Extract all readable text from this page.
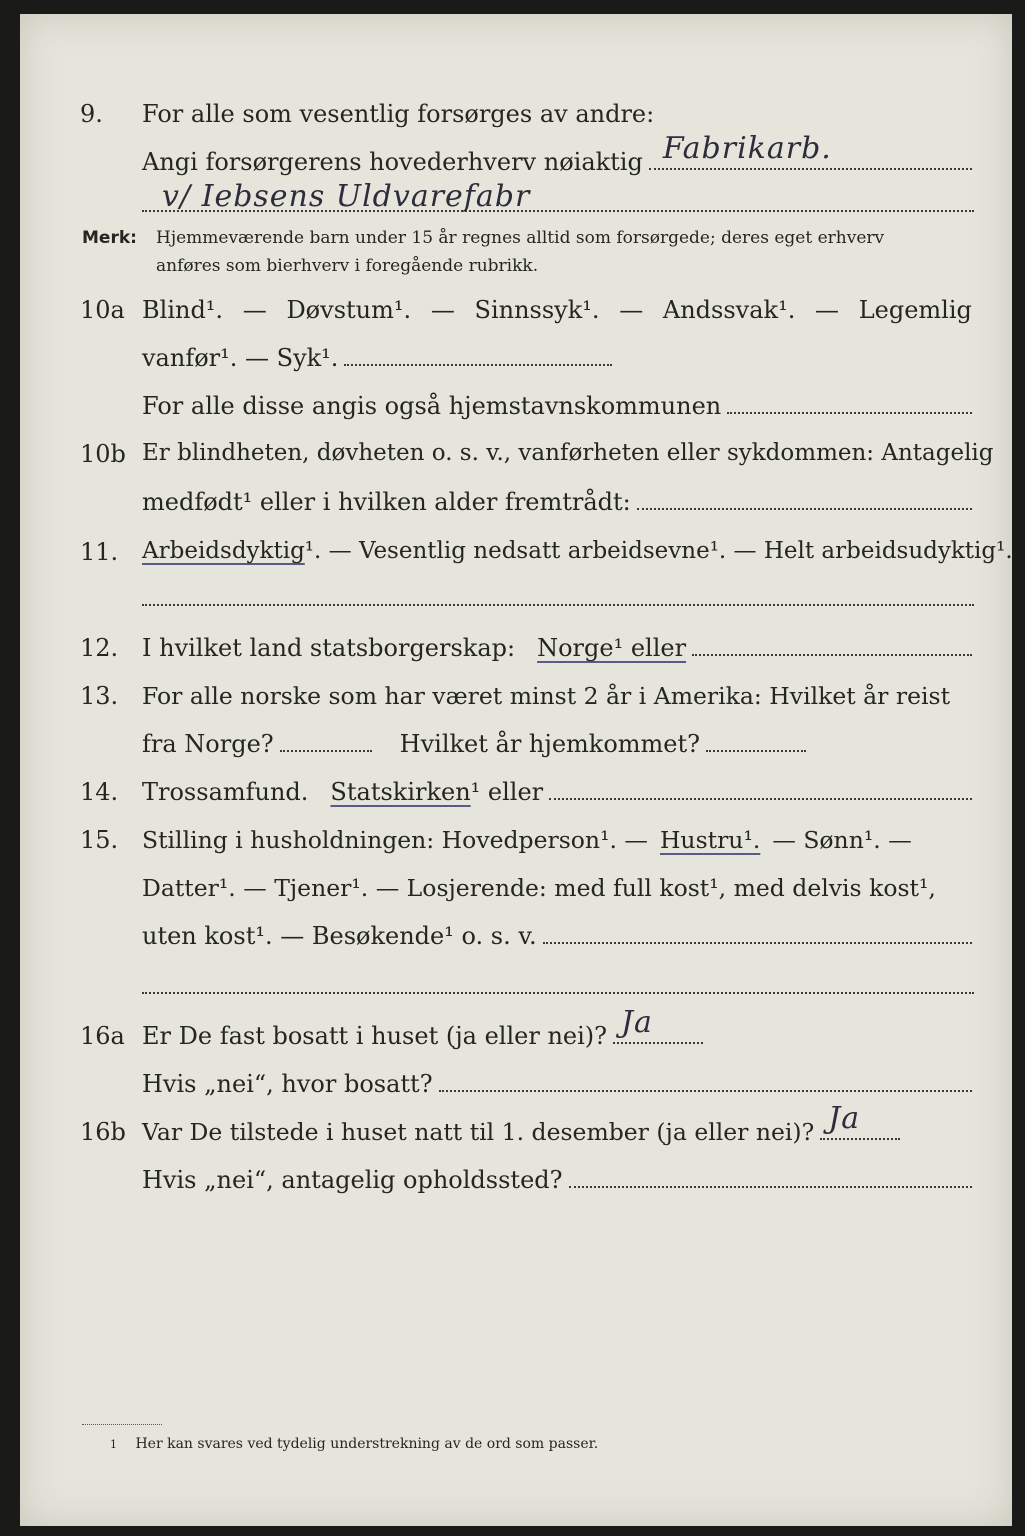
9.	For alle som vesentlig forsørges av andre:
Angi forsørgerens hovederhverv nøiaktig Fabrikarb.
v/ Iebsens Uldvarefabr
Merk: Hjemmeværende barn under 15 år regnes alltid som forsørgede; deres eget erhverv
anføres som bierhverv i foregående rubrikk.
10a Blind¹. — Døvstum¹. — Sinnssyk¹. — Andssvak¹. — Legemlig
vanfør¹. — Syk¹.
For alle disse angis også hjemstavnskommunen
10b Er blindheten, døvheten o. s. v., vanførheten eller sykdommen: Antagelig
medfødt¹ eller i hvilken alder fremtrådt:
11.	Arbeidsdyktig ¹. — Vesentlig nedsatt arbeidsevne¹. — Helt arbeidsudyktig¹.
12. I hvilket land statsborgerskap: Norge¹ eller
13.	For alle norske som har været minst 2 år i Amerika: Hvilket år reist
fra Norge?	Hvilket år hjemkommet?
14. Trossamfund. Statskirken ¹ eller
15.	Stilling i husholdningen: Hovedperson¹. — Hustru¹. — Sønn¹. —
Datter¹. — Tjener¹. — Losjerende: med full kost¹, med delvis kost¹,
uten kost¹. — Besøkende¹ o. s. v.
16a Er De fast bosatt i huset (ja eller nei)? Ja
Hvis „nei“, hvor bosatt?
16b Var De tilstede i huset natt til 1. desember (ja eller nei)? Ja
Hvis „nei“, antagelig opholdssted?
1 Her kan svares ved tydelig understrekning av de ord som passer.
